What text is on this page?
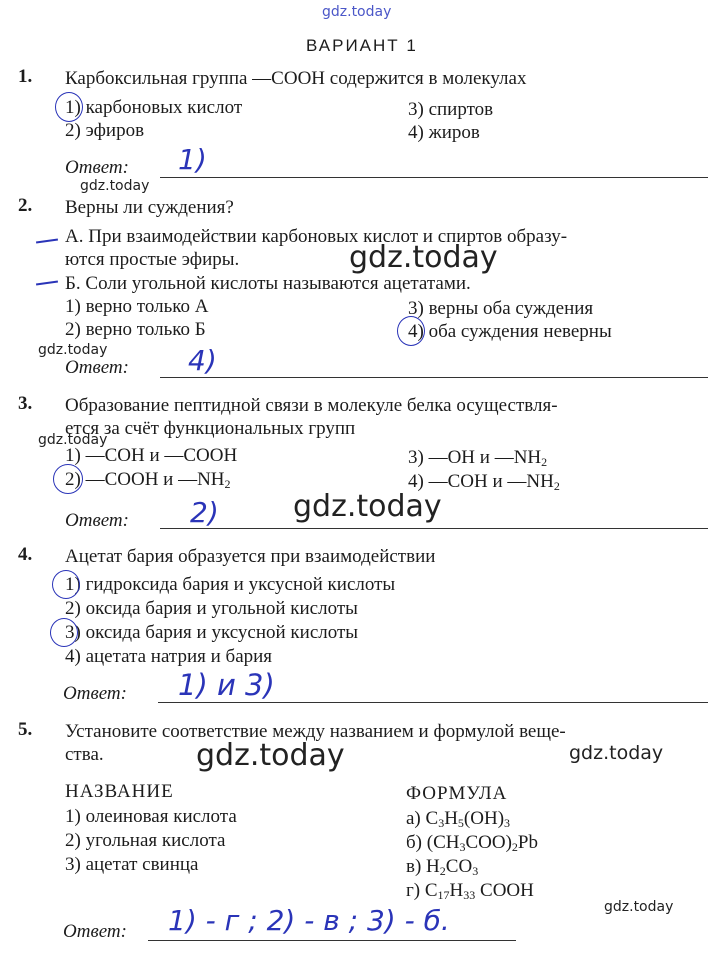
gdz.today
gdz.today
gdz.today
gdz.today
gdz.today
gdz.today
gdz.today	gdz.today
gdz.today
ВАРИАНТ 1
1. Карбоксильная группа —COOH содержится в молекулах
1) карбоновых кислот
2) эфиров
3) спиртов
4) жиров
Ответ: 1)
2. Верны ли суждения?
А. При взаимодействии карбоновых кислот и спиртов образу-
ются простые эфиры.
Б. Соли угольной кислоты называются ацетатами.
1) верно только А
2) верно только Б
3) верны оба суждения
4) оба суждения неверны
Ответ: 4)
3. Образование пептидной связи в молекуле белка осуществля-
ется за счёт функциональных групп
1) —COH и —COOH
2) —COOH и $—NH_2$
3) —OH и $—NH_2$
4) —COH и $—NH_2$
Ответ: 2)
4. Ацетат бария образуется при взаимодействии
1) гидроксида бария и уксусной кислоты
2) оксида бария и угольной кислоты
3) оксида бария и уксусной кислоты
4) ацетата натрия и бария
Ответ: 1) и 3)
5. Установите соответствие между названием и формулой веще-
ства.
НАЗВАНИЕ	ФОРМУЛА
1) олеиновая кислота
2) угольная кислота
3) ацетат свинца
а) $C_3H_5(OH)_3$
б) $(CH_3COO)_2Pb$
в) $H_2CO_3$
г) $C_{17}H_{33}$ COOH
Ответ: 1) - г ; 2) - в ; 3) - б.
